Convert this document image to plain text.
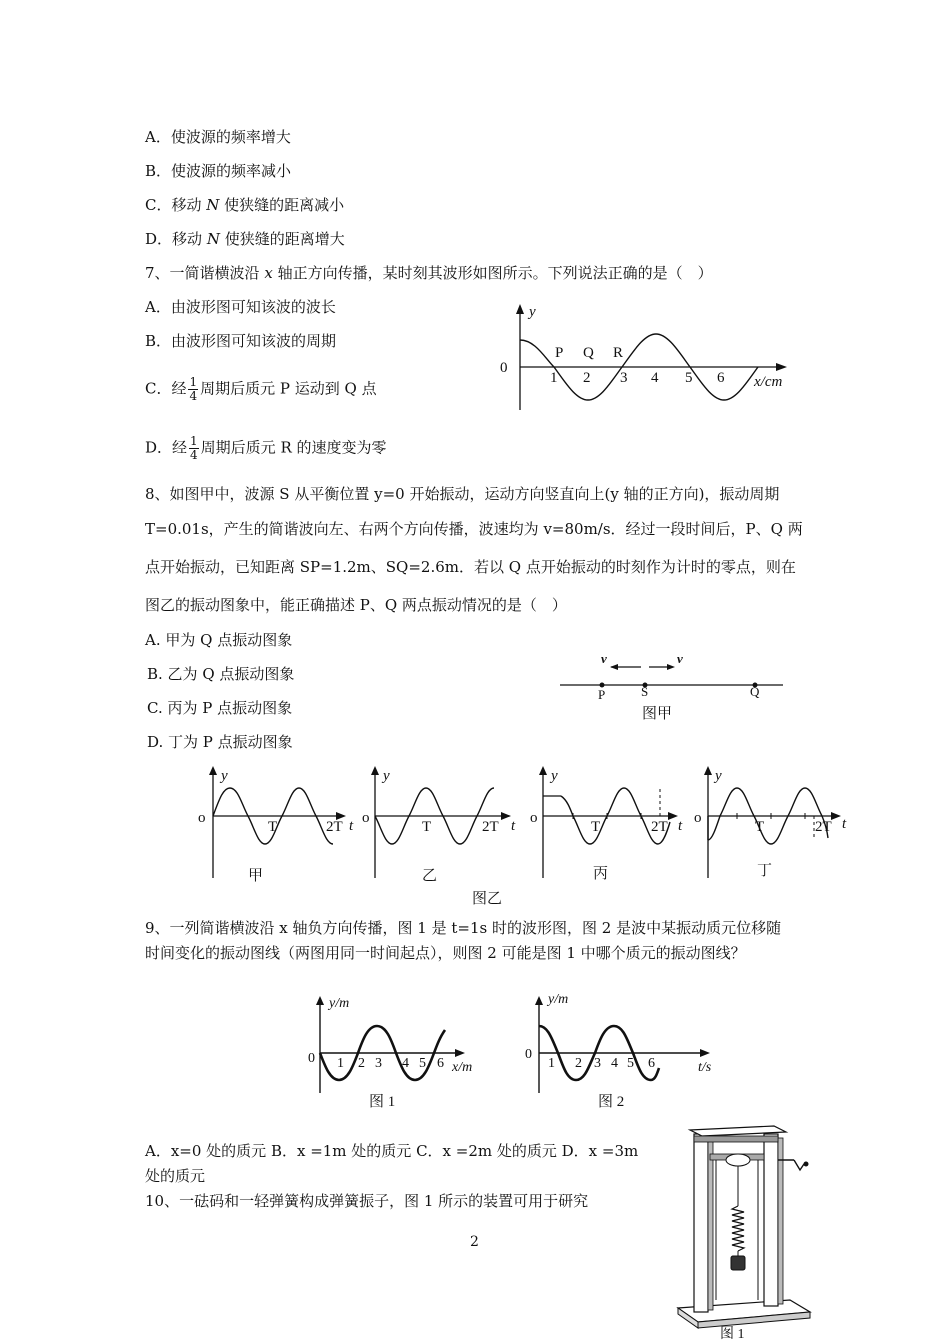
A．使波源的频率增大
B．使波源的频率减小
C．移动 N 使狭缝的距离减小
D．移动 N 使狭缝的距离增大
7、一简谐横波沿 x 轴正方向传播，某时刻其波形如图所示。下列说法正确的是（　）
A．由波形图可知该波的波长
B．由波形图可知该波的周期
C．经 $\frac{1}{4}$ 周期后质元 P 运动到 Q 点
D．经 $\frac{1}{4}$ 周期后质元 R 的速度变为零
y
0
x/cm
1 2 3 4 5 6
P Q R
8、如图甲中，波源 S 从平衡位置 y=0 开始振动，运动方向竖直向上(y 轴的正方向)，振动周期
T=0.01s，产生的简谐波向左、右两个方向传播，波速均为 v=80m/s．经过一段时间后，P、Q 两
点开始振动，已知距离 SP=1.2m、SQ=2.6m．若以 Q 点开始振动的时刻作为计时的零点，则在
图乙的振动图象中，能正确描述 P、Q 两点振动情况的是（　）
A. 甲为 Q 点振动图象
B. 乙为 Q 点振动图象
C. 丙为 P 点振动图象
D. 丁为 P 点振动图象
v	v
P	S	Q
图甲
y
o
T	2T t
甲
y
o
T	2T t
乙
y
o
T	2T t
丙
y
o
T	2T t
丁
图乙
9、一列简谐横波沿 x 轴负方向传播，图 1 是 t=1s 时的波形图，图 2 是波中某振动质元位移随
时间变化的振动图线（两图用同一时间起点），则图 2 可能是图 1 中哪个质元的振动图线？
y/m
0 1 2 3 4 5 6 x/m
图 1
y/m
0
1 2 3 4 5 6	t/s
图 2
A．x=0 处的质元 B．x =1m 处的质元 C．x =2m 处的质元 D．x =3m
处的质元
10、一砝码和一轻弹簧构成弹簧振子，图 1 所示的装置可用于研究
图 1
2
